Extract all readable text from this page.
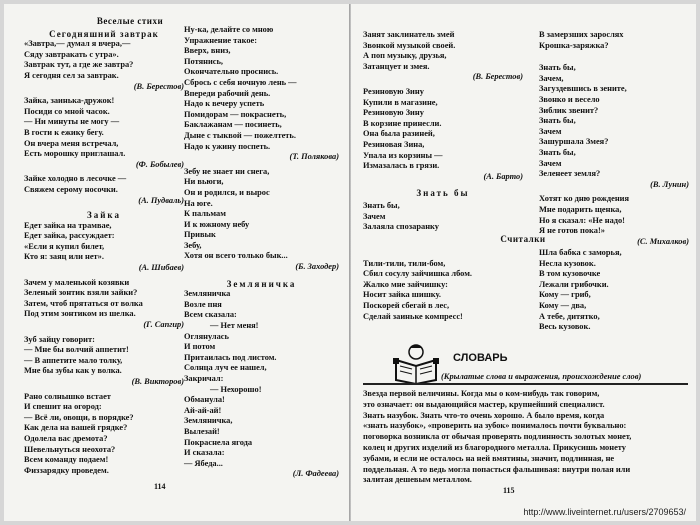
Веселые стихи
Сегодняшний завтрак
«Завтра,— думал я вчера,—
Сяду завтракать с утра».
Завтрак тут, а где же завтра?
Я сегодня сел за завтрак.
(В. Берестов)
Зайка, заинька-дружок!
Посиди со мной часок.
— Ни минуты не могу —
В гости к ежику бегу.
Он вчера меня встречал,
Есть морошку приглашал.
(Ф. Бобылев)
Зайке холодно в лесочке —
Свяжем серому носочки.
(А. Пудваль)
Зайка
Едет зайка на трамвае,
Едет зайка, рассуждает:
«Если я купил билет,
Кто я: заяц или нет».
(А. Шибаев)
Зачем у маленькой козявки
Зеленый зонтик взяли зайки?
Затем, чтоб прятаться от волка
Под этим зонтиком из шелка.
(Г. Сапгир)
Зуб зайцу говорит:
— Мне бы волчий аппетит!
— В аппетите мало толку,
Мне бы зубы как у волка.
(В. Викторов)
Рано солнышко встает
И спешит на огород:
— Всё ли, овощи, в порядке?
Как дела на вашей грядке?
Одолела вас дремота?
Шевельнуться неохота?
Всем команду подаем!
Физзарядку проведем.
Ну-ка, делайте со мною
Упражнение такое:
Вверх, вниз,
Потянись,
Окончательно проснись.
Сбрось с себя ночную лень —
Впереди рабочий день.
Надо к вечеру успеть
Помидорам — покраснеть,
Баклажанам — посинеть,
Дыне с тыквой — пожелтеть.
Надо к ужину поспеть.
(Т. Полякова)
Зебу не знает ни снега,
Ни вьюги,
Он и родился, и вырос
На юге.
К пальмам
И к южному небу
Привык
Зебу,
Хотя он всего только бык...
(Б. Заходер)
Земляничка
Земляничка
Возле пня
Всем сказала:
— Нет меня!
Оглянулась
И потом
Притаилась под листом.
Солнца луч ее нашел,
Закричал:
— Нехорошо!
Обманула!
Ай-ай-ай!
Земляничка,
Вылезай!
Покраснела ягода
И сказала:
— Ябеда...
(Л. Фадеева)
114
Занят заклинатель змей
Звонкой музыкой своей.
А поп музыку, друзья,
Затанцует и змея.
(В. Берестов)
Резиновую Зину
Купили в магазине,
Резиновую Зину
В корзине принесли.
Она была разиней,
Резиновая Зина,
Упала из корзины —
Измазалась в грязи.
(А. Барто)
Знать бы
Знать бы,
Зачем
Залаяла спозаранку
Тили-тили, тили-бом,
Сбил сосулу зайчишка лбом.
Жалко мне зайчишку:
Носит зайка шишку.
Поскорей сбегай в лес,
Сделай заиньке компресс!
В замерзших зарослях
Крошка-заряжка?
Знать бы,
Зачем,
Загуздевшись в зените,
Звонко и весело
Зиблик звенит?
Знать бы,
Зачем
Зашуршала Змея?
Знать бы,
Зачем
Зеленеет земля?
(В. Лунин)
Хотят ко дню рождения
Мне подарить щенка,
Но я сказал: «Не надо!
Я не готов пока!»
(С. Михалков)
Считалки
Шла бабка с заморья,
Несла кузовок.
В том кузовочке
Лежали грибочки.
Кому — гриб,
Кому — два,
А тебе, дитятко,
Весь кузовок.
СЛОВАРЬ
(Крылатые слова и выражения, происхождение слов)
Звезда первой величины. Когда мы о ком-нибудь так говорим,
это означает: он выдающийся мастер, крупнейший специалист.
Знать назубок. Знать что-то очень хорошо. А было время, когда
«знать назубок», «проверить на зубок» понималось почти буквально:
поговорка возникла от обычая проверять подлинность золотых монет,
колец и других изделий из благородного металла. Прикусишь монету
зубами, и если не осталось на ней вмятины, значит, подлинная, не
поддельная. А то ведь могла попасться фальшивая: внутри полая или
залитая дешевым металлом.
115
http://www.liveinternet.ru/users/2709653/
